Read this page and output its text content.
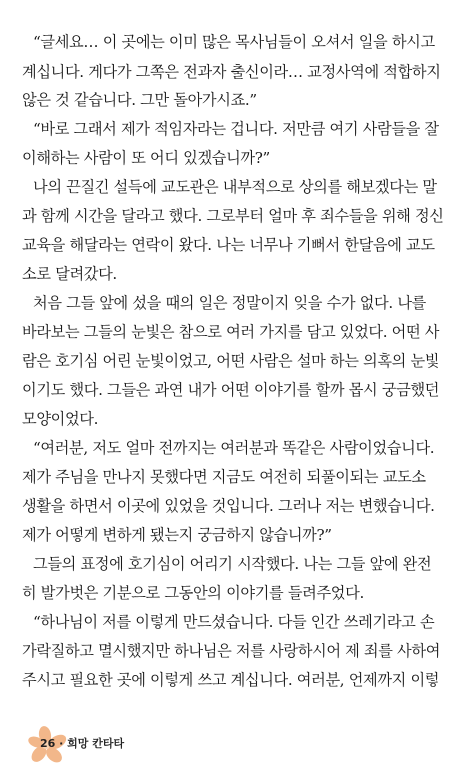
“글세요… 이 곳에는 이미 많은 목사님들이 오셔서 일을 하시고
계십니다. 게다가 그쪽은 전과자 출신이라… 교정사역에 적합하지
않은 것 같습니다. 그만 돌아가시죠.”
“바로 그래서 제가 적임자라는 겁니다. 저만큼 여기 사람들을 잘
이해하는 사람이 또 어디 있겠습니까?”
나의 끈질긴 설득에 교도관은 내부적으로 상의를 해보겠다는 말
과 함께 시간을 달라고 했다. 그로부터 얼마 후 죄수들을 위해 정신
교육을 해달라는 연락이 왔다. 나는 너무나 기뻐서 한달음에 교도
소로 달려갔다.
처음 그들 앞에 섰을 때의 일은 정말이지 잊을 수가 없다. 나를
바라보는 그들의 눈빛은 참으로 여러 가지를 담고 있었다. 어떤 사
람은 호기심 어린 눈빛이었고, 어떤 사람은 설마 하는 의혹의 눈빛
이기도 했다. 그들은 과연 내가 어떤 이야기를 할까 몹시 궁금했던
모양이었다.
“여러분, 저도 얼마 전까지는 여러분과 똑같은 사람이었습니다.
제가 주님을 만나지 못했다면 지금도 여전히 되풀이되는 교도소
생활을 하면서 이곳에 있었을 것입니다. 그러나 저는 변했습니다.
제가 어떻게 변하게 됐는지 궁금하지 않습니까?”
그들의 표정에 호기심이 어리기 시작했다. 나는 그들 앞에 완전
히 발가벗은 기분으로 그동안의 이야기를 들려주었다.
“하나님이 저를 이렇게 만드셨습니다. 다들 인간 쓰레기라고 손
가락질하고 멸시했지만 하나님은 저를 사랑하시어 제 죄를 사하여
주시고 필요한 곳에 이렇게 쓰고 계십니다. 여러분, 언제까지 이렇
26 · 희망 칸타타
